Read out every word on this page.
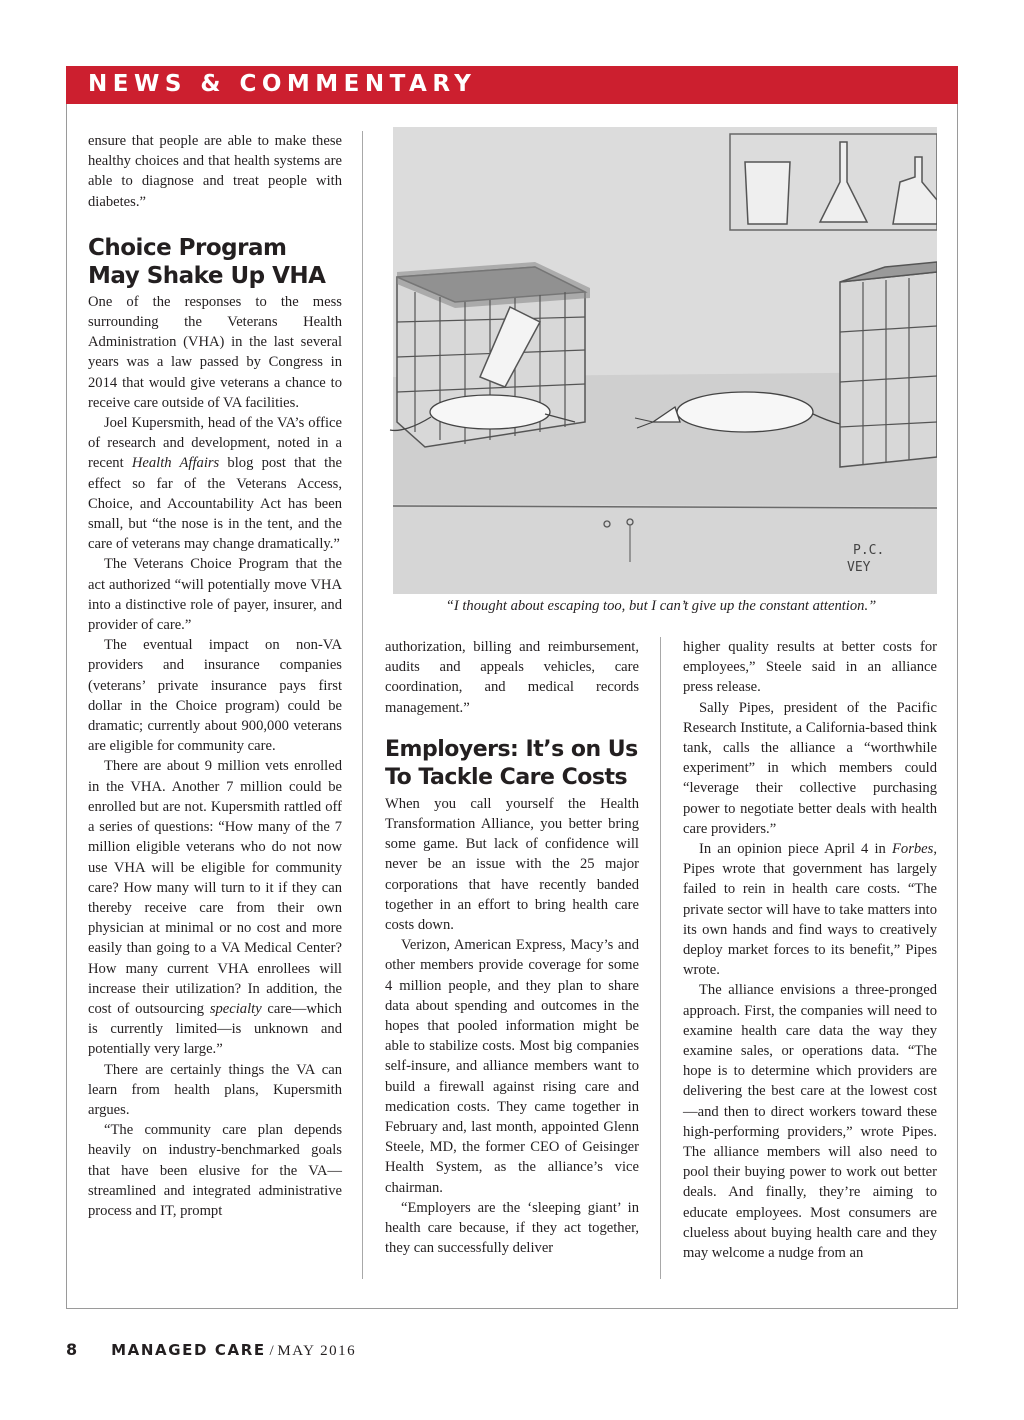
NEWS & COMMENTARY

ensure that people are able to make these healthy choices and that health systems are able to diagnose and treat people with diabetes.”

Choice Program
May Shake Up VHA

One of the responses to the mess surrounding the Veterans Health Administration (VHA) in the last several years was a law passed by Congress in 2014 that would give veterans a chance to receive care outside of VA facilities.

Joel Kupersmith, head of the VA’s office of research and development, noted in a recent Health Affairs blog post that the effect so far of the Veterans Access, Choice, and Accountability Act has been small, but “the nose is in the tent, and the care of veterans may change dramatically.”

The Veterans Choice Program that the act authorized “will potentially move VHA into a distinctive role of payer, insurer, and provider of care.”

The eventual impact on non-VA providers and insurance companies (veterans’ private insurance pays first dollar in the Choice program) could be dramatic; currently about 900,000 veterans are eligible for community care.

There are about 9 million vets enrolled in the VHA. Another 7 million could be enrolled but are not. Kupersmith rattled off a series of questions: “How many of the 7 million eligible veterans who do not now use VHA will be eligible for community care? How many will turn to it if they can thereby receive care from their own physician at minimal or no cost and more easily than going to a VA Medical Center? How many current VHA enrollees will increase their utilization? In addition, the cost of outsourcing specialty care—which is currently limited—is unknown and potentially very large.”

There are certainly things the VA can learn from health plans, Kupersmith argues.

“The community care plan depends heavily on industry-benchmarked goals that have been elusive for the VA—streamlined and integrated administrative process and IT, prompt

P.C.
VEY
“I thought about escaping too, but I can’t give up the constant attention.”

authorization, billing and reimbursement, audits and appeals vehicles, care coordination, and medical records management.”

Employers: It’s on Us
To Tackle Care Costs

When you call yourself the Health Transformation Alliance, you better bring some game. But lack of confidence will never be an issue with the 25 major corporations that have recently banded together in an effort to bring health care costs down.

Verizon, American Express, Macy’s and other members provide coverage for some 4 million people, and they plan to share data about spending and outcomes in the hopes that pooled information might be able to stabilize costs. Most big companies self-insure, and alliance members want to build a firewall against rising care and medication costs. They came together in February and, last month, appointed Glenn Steele, MD, the former CEO of Geisinger Health System, as the alliance’s vice chairman.

“Employers are the ‘sleeping giant’ in health care because, if they act together, they can successfully deliver

higher quality results at better costs for employees,” Steele said in an alliance press release.

Sally Pipes, president of the Pacific Research Institute, a California-based think tank, calls the alliance a “worthwhile experiment” in which members could “leverage their collective purchasing power to negotiate better deals with health care providers.”

In an opinion piece April 4 in Forbes, Pipes wrote that government has largely failed to rein in health care costs. “The private sector will have to take matters into its own hands and find ways to creatively deploy market forces to its benefit,” Pipes wrote.

The alliance envisions a three-pronged approach. First, the companies will need to examine health care data the way they examine sales, or operations data. “The hope is to determine which providers are delivering the best care at the lowest cost—and then to direct workers toward these high-performing providers,” wrote Pipes. The alliance members will also need to pool their buying power to work out better deals. And finally, they’re aiming to educate employees. Most consumers are clueless about buying health care and they may welcome a nudge from an

8 MANAGED CARE / MAY 2016
